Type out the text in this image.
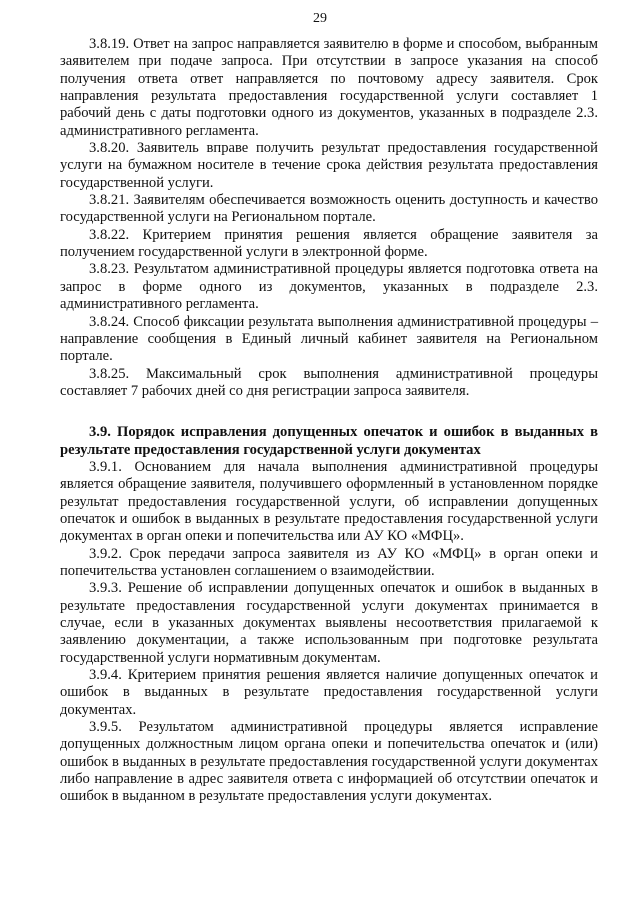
29

3.8.19. Ответ на запрос направляется заявителю в форме и способом, выбранным заявителем при подаче запроса. При отсутствии в запросе указания на способ получения ответа ответ направляется по почтовому адресу заявителя. Срок направления результата предоставления государственной услуги составляет 1 рабочий день с даты подготовки одного из документов, указанных в подразделе 2.3. административного регламента.

3.8.20. Заявитель вправе получить результат предоставления государственной услуги на бумажном носителе в течение срока действия результата предоставления государственной услуги.

3.8.21. Заявителям обеспечивается возможность оценить доступность и качество государственной услуги на Региональном портале.

3.8.22. Критерием принятия решения является обращение заявителя за получением государственной услуги в электронной форме.

3.8.23. Результатом административной процедуры является подготовка ответа на запрос в форме одного из документов, указанных в подразделе 2.3. административного регламента.

3.8.24. Способ фиксации результата выполнения административной процедуры – направление сообщения в Единый личный кабинет заявителя на Региональном портале.

3.8.25. Максимальный срок выполнения административной процедуры составляет 7 рабочих дней со дня регистрации запроса заявителя.

3.9. Порядок исправления допущенных опечаток и ошибок в выданных в результате предоставления государственной услуги документах

3.9.1. Основанием для начала выполнения административной процедуры является обращение заявителя, получившего оформленный в установленном порядке результат предоставления государственной услуги, об исправлении допущенных опечаток и ошибок в выданных в результате предоставления государственной услуги документах в орган опеки и попечительства или АУ КО «МФЦ».

3.9.2. Срок передачи запроса заявителя из АУ КО «МФЦ» в орган опеки и попечительства установлен соглашением о взаимодействии.

3.9.3. Решение об исправлении допущенных опечаток и ошибок в выданных в результате предоставления государственной услуги документах принимается в случае, если в указанных документах выявлены несоответствия прилагаемой к заявлению документации, а также использованным при подготовке результата государственной услуги нормативным документам.

3.9.4. Критерием принятия решения является наличие допущенных опечаток и ошибок в выданных в результате предоставления государственной услуги документах.

3.9.5. Результатом административной процедуры является исправление допущенных должностным лицом органа опеки и попечительства опечаток и (или) ошибок в выданных в результате предоставления государственной услуги документах либо направление в адрес заявителя ответа с информацией об отсутствии опечаток и ошибок в выданном в результате предоставления услуги документах.
